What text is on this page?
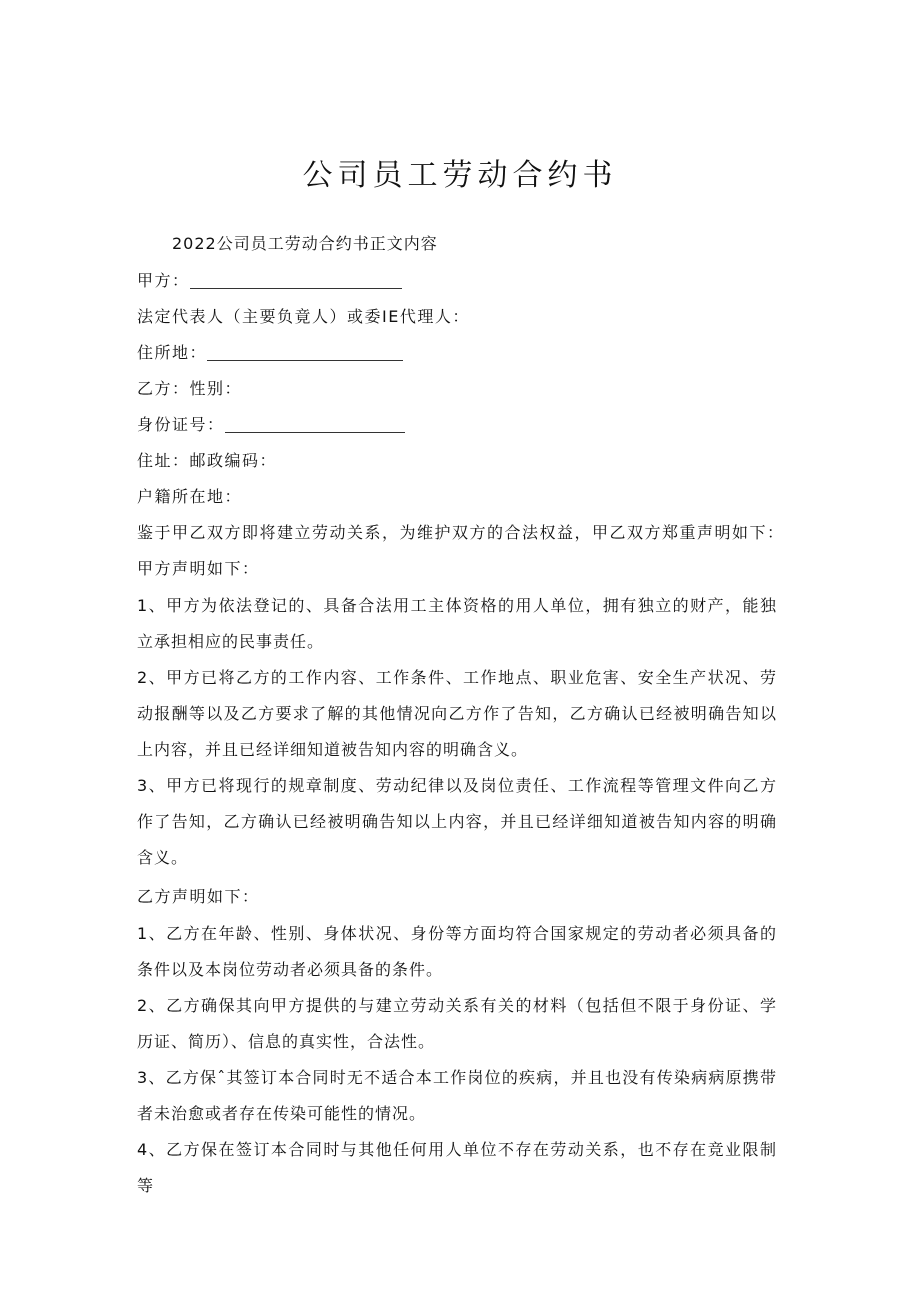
公司员工劳动合约书
2022公司员工劳动合约书正文内容
甲方：
法定代表人（主要负竟人）或委IE代理人：
住所地：
乙方：性别：
身份证号：
住址：邮政编码：
户籍所在地：
鉴于甲乙双方即将建立劳动关系，为维护双方的合法权益，甲乙双方郑重声明如下：
甲方声明如下：
1、甲方为依法登记的、具备合法用工主体资格的用人单位，拥有独立的财产，能独立承担相应的民事责任。
2、甲方已将乙方的工作内容、工作条件、工作地点、职业危害、安全生产状况、劳动报酬等以及乙方要求了解的其他情况向乙方作了告知，乙方确认已经被明确告知以上内容，并且已经详细知道被告知内容的明确含义。
3、甲方已将现行的规章制度、劳动纪律以及岗位责任、工作流程等管理文件向乙方作了告知，乙方确认已经被明确告知以上内容，并且已经详细知道被告知内容的明确含义。
乙方声明如下：
1、乙方在年龄、性别、身体状况、身份等方面均符合国家规定的劳动者必须具备的条件以及本岗位劳动者必须具备的条件。
2、乙方确保其向甲方提供的与建立劳动关系有关的材料（包括但不限于身份证、学历证、简历）、信息的真实性，合法性。
3、乙方保ˆ其签订本合同时无不适合本工作岗位的疾病，并且也没有传染病病原携带者未治愈或者存在传染可能性的情况。
4、乙方保在签订本合同时与其他任何用人单位不存在劳动关系，也不存在竞业限制等
